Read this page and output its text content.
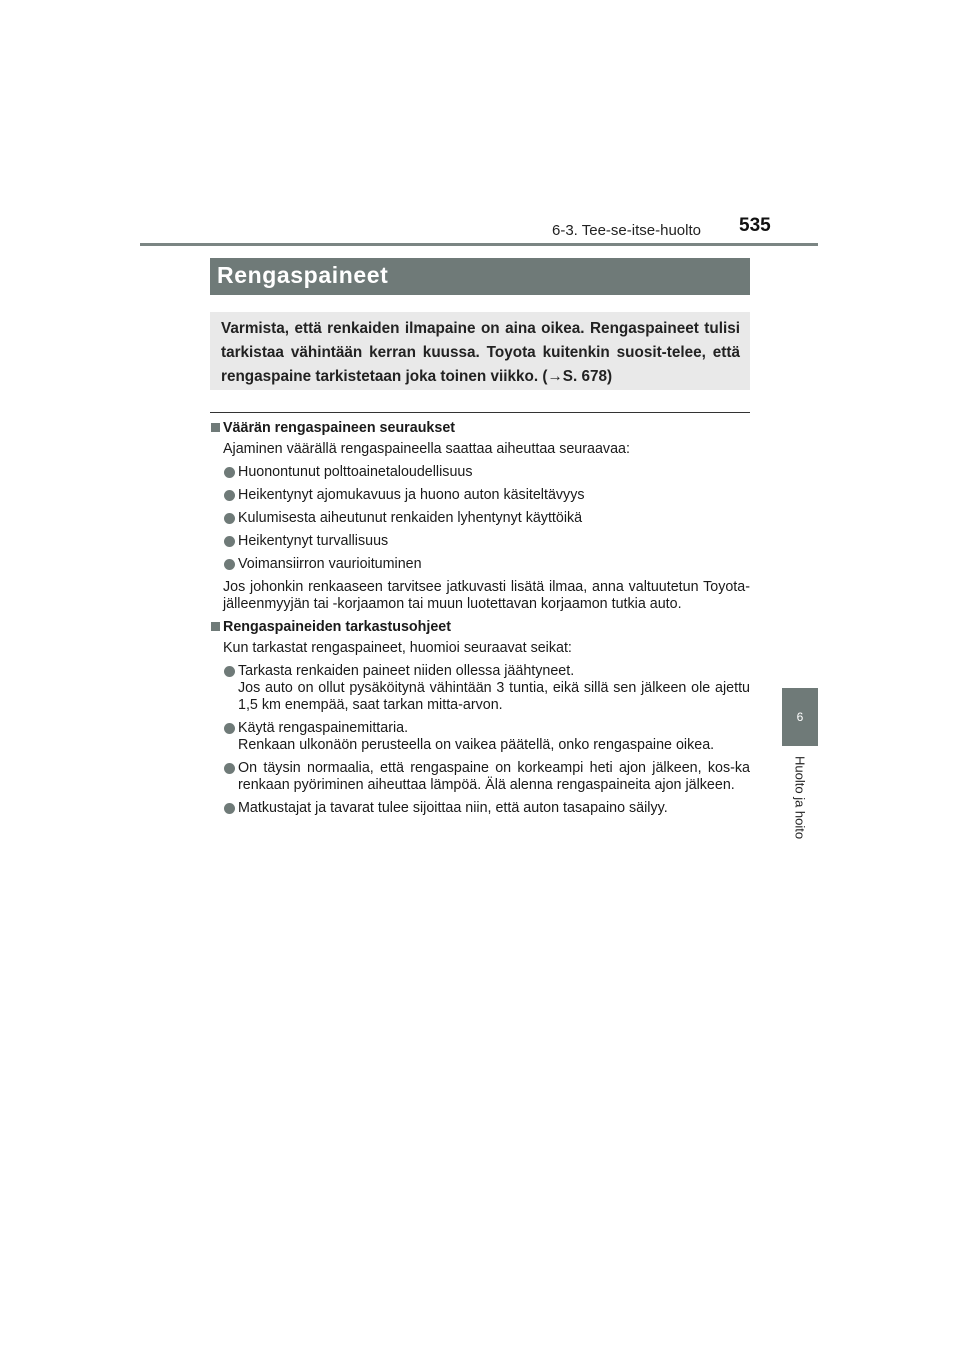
6-3. Tee-se-itse-huolto 535
6
Huolto ja hoito
Rengaspaineet
Varmista, että renkaiden ilmapaine on aina oikea. Rengaspaineet tulisi tarkistaa vähintään kerran kuussa. Toyota kuitenkin suosit-telee, että rengaspaine tarkistetaan joka toinen viikko. (→S. 678)
Väärän rengaspaineen seuraukset
Ajaminen väärällä rengaspaineella saattaa aiheuttaa seuraavaa:
Huonontunut polttoainetaloudellisuus
Heikentynyt ajomukavuus ja huono auton käsiteltävyys
Kulumisesta aiheutunut renkaiden lyhentynyt käyttöikä
Heikentynyt turvallisuus
Voimansiirron vaurioituminen
Jos johonkin renkaaseen tarvitsee jatkuvasti lisätä ilmaa, anna valtuutetun Toyota-jälleenmyyjän tai -korjaamon tai muun luotettavan korjaamon tutkia auto.
Rengaspaineiden tarkastusohjeet
Kun tarkastat rengaspaineet, huomioi seuraavat seikat:
Tarkasta renkaiden paineet niiden ollessa jäähtyneet.
Jos auto on ollut pysäköitynä vähintään 3 tuntia, eikä sillä sen jälkeen ole ajettu 1,5 km enempää, saat tarkan mitta-arvon.
Käytä rengaspainemittaria.
Renkaan ulkonäön perusteella on vaikea päätellä, onko rengaspaine oikea.
On täysin normaalia, että rengaspaine on korkeampi heti ajon jälkeen, kos-ka renkaan pyöriminen aiheuttaa lämpöä. Älä alenna rengaspaineita ajon jälkeen.
Matkustajat ja tavarat tulee sijoittaa niin, että auton tasapaino säilyy.
